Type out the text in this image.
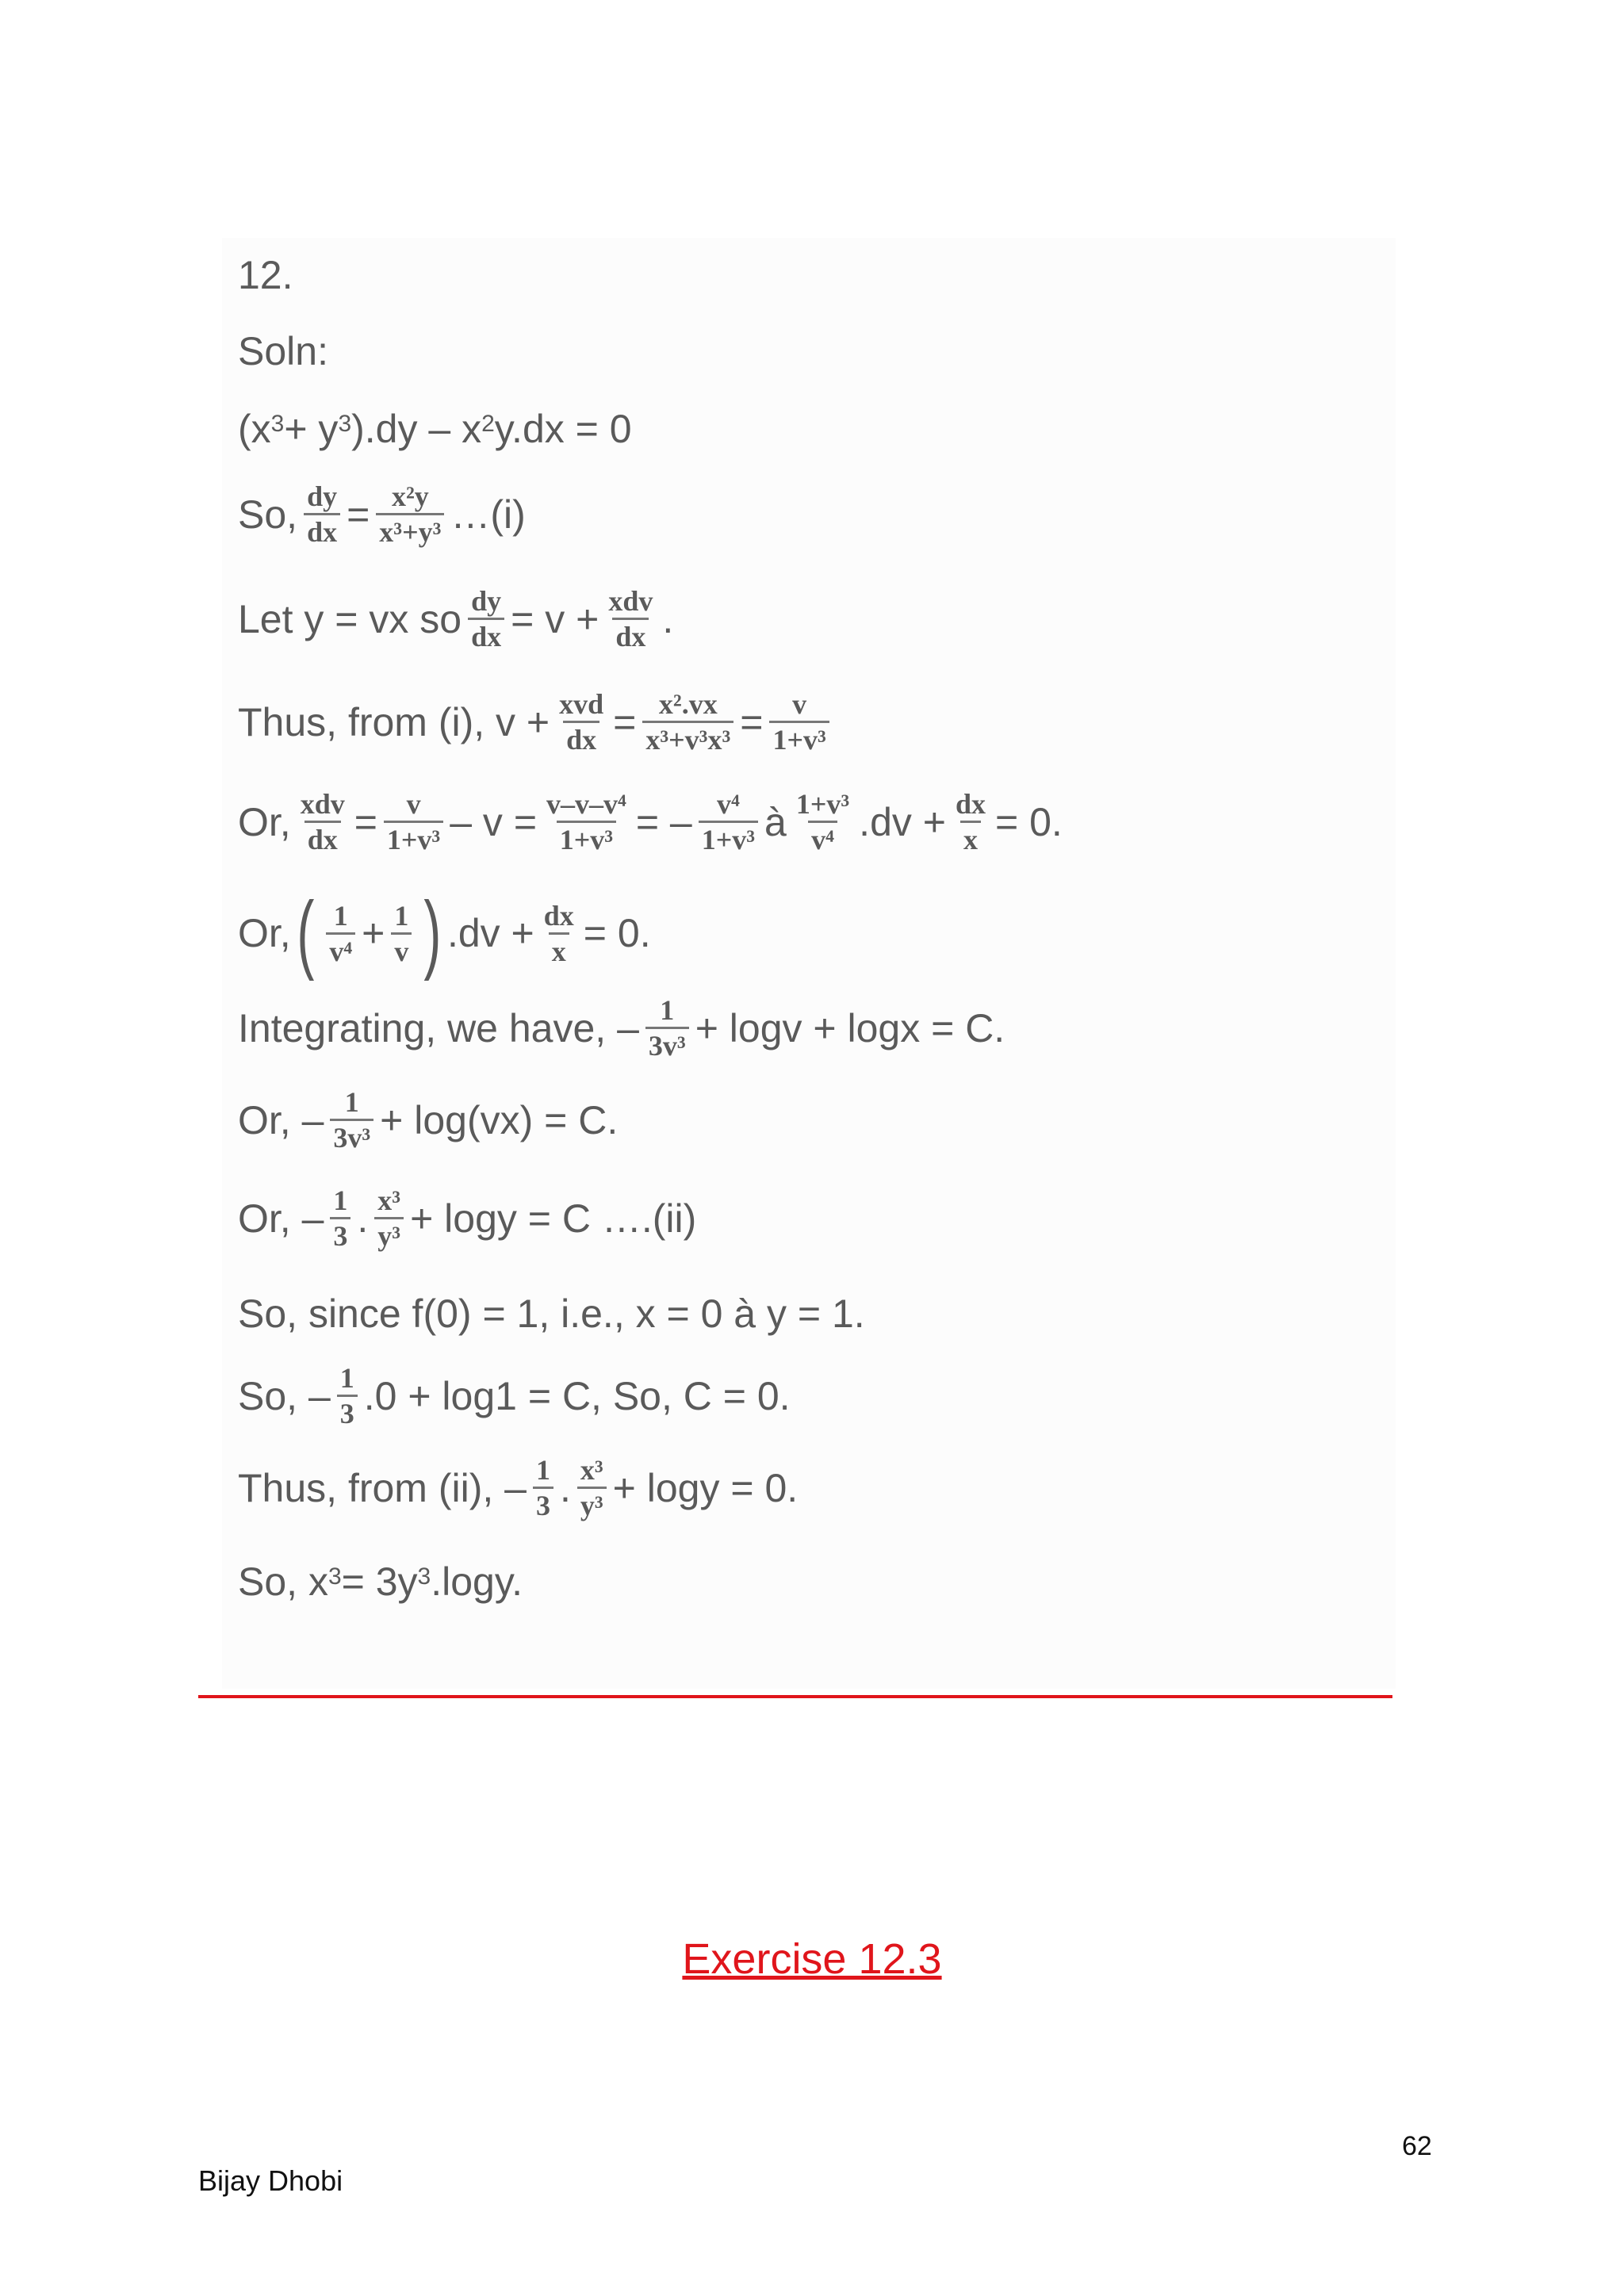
12.
Soln:
($x^3 + y^3$ )$.dy - x^2$ y.dx = 0
So, $\frac{dy}{dx} = \frac{\text{x²y}}{\text{x³+y³}}$ …(i)
Let y = vx so $\frac{dy}{dx} = v + \frac{\text{xdv}}{dx}$ .
Thus, from (i), $v + \frac{\text{xvd}}{dx} = \frac{\text{x².vx}}{\text{x³+v³x³}} = \frac{v}{\text{1+v³}}$
Or, $\frac{\text{xdv}}{dx} = \frac{v}{\text{1+v³}} - v = \frac{\text{v–v–v⁴}}{\text{1+v³}}$ = – $\frac{\text{v⁴}}{\text{1+v³}}$ à $\frac{\text{1+v³}}{\text{v⁴}} .dv + \frac{dx}{x} = 0$.
Or, ( $\frac{1}{\text{v⁴}} + \frac{1}{v}$ ) $.dv + \frac{dx}{x} = 0$.
Integrating, we have, – $\frac{1}{\text{3v³}} + \log v + \log x = C$.
Or, – $\frac{1}{\text{3v³}} + \log(vx) = C$.
Or, – $\frac{1}{3}$ . $\frac{\text{x³}}{\text{y³}} + \log y = C$ ….(ii)
So, since f(0) = 1, i.e., x = 0 à y = 1.
So, – $\frac{1}{3} .0 + \log 1 = C$, So, C = 0.
Thus, from (ii), – $\frac{1}{3}$ . $\frac{\text{x³}}{\text{y³}} + \log y = 0$.
So, $x^3 = 3y^3$ .logy.
Exercise 12.3
62
Bijay Dhobi
